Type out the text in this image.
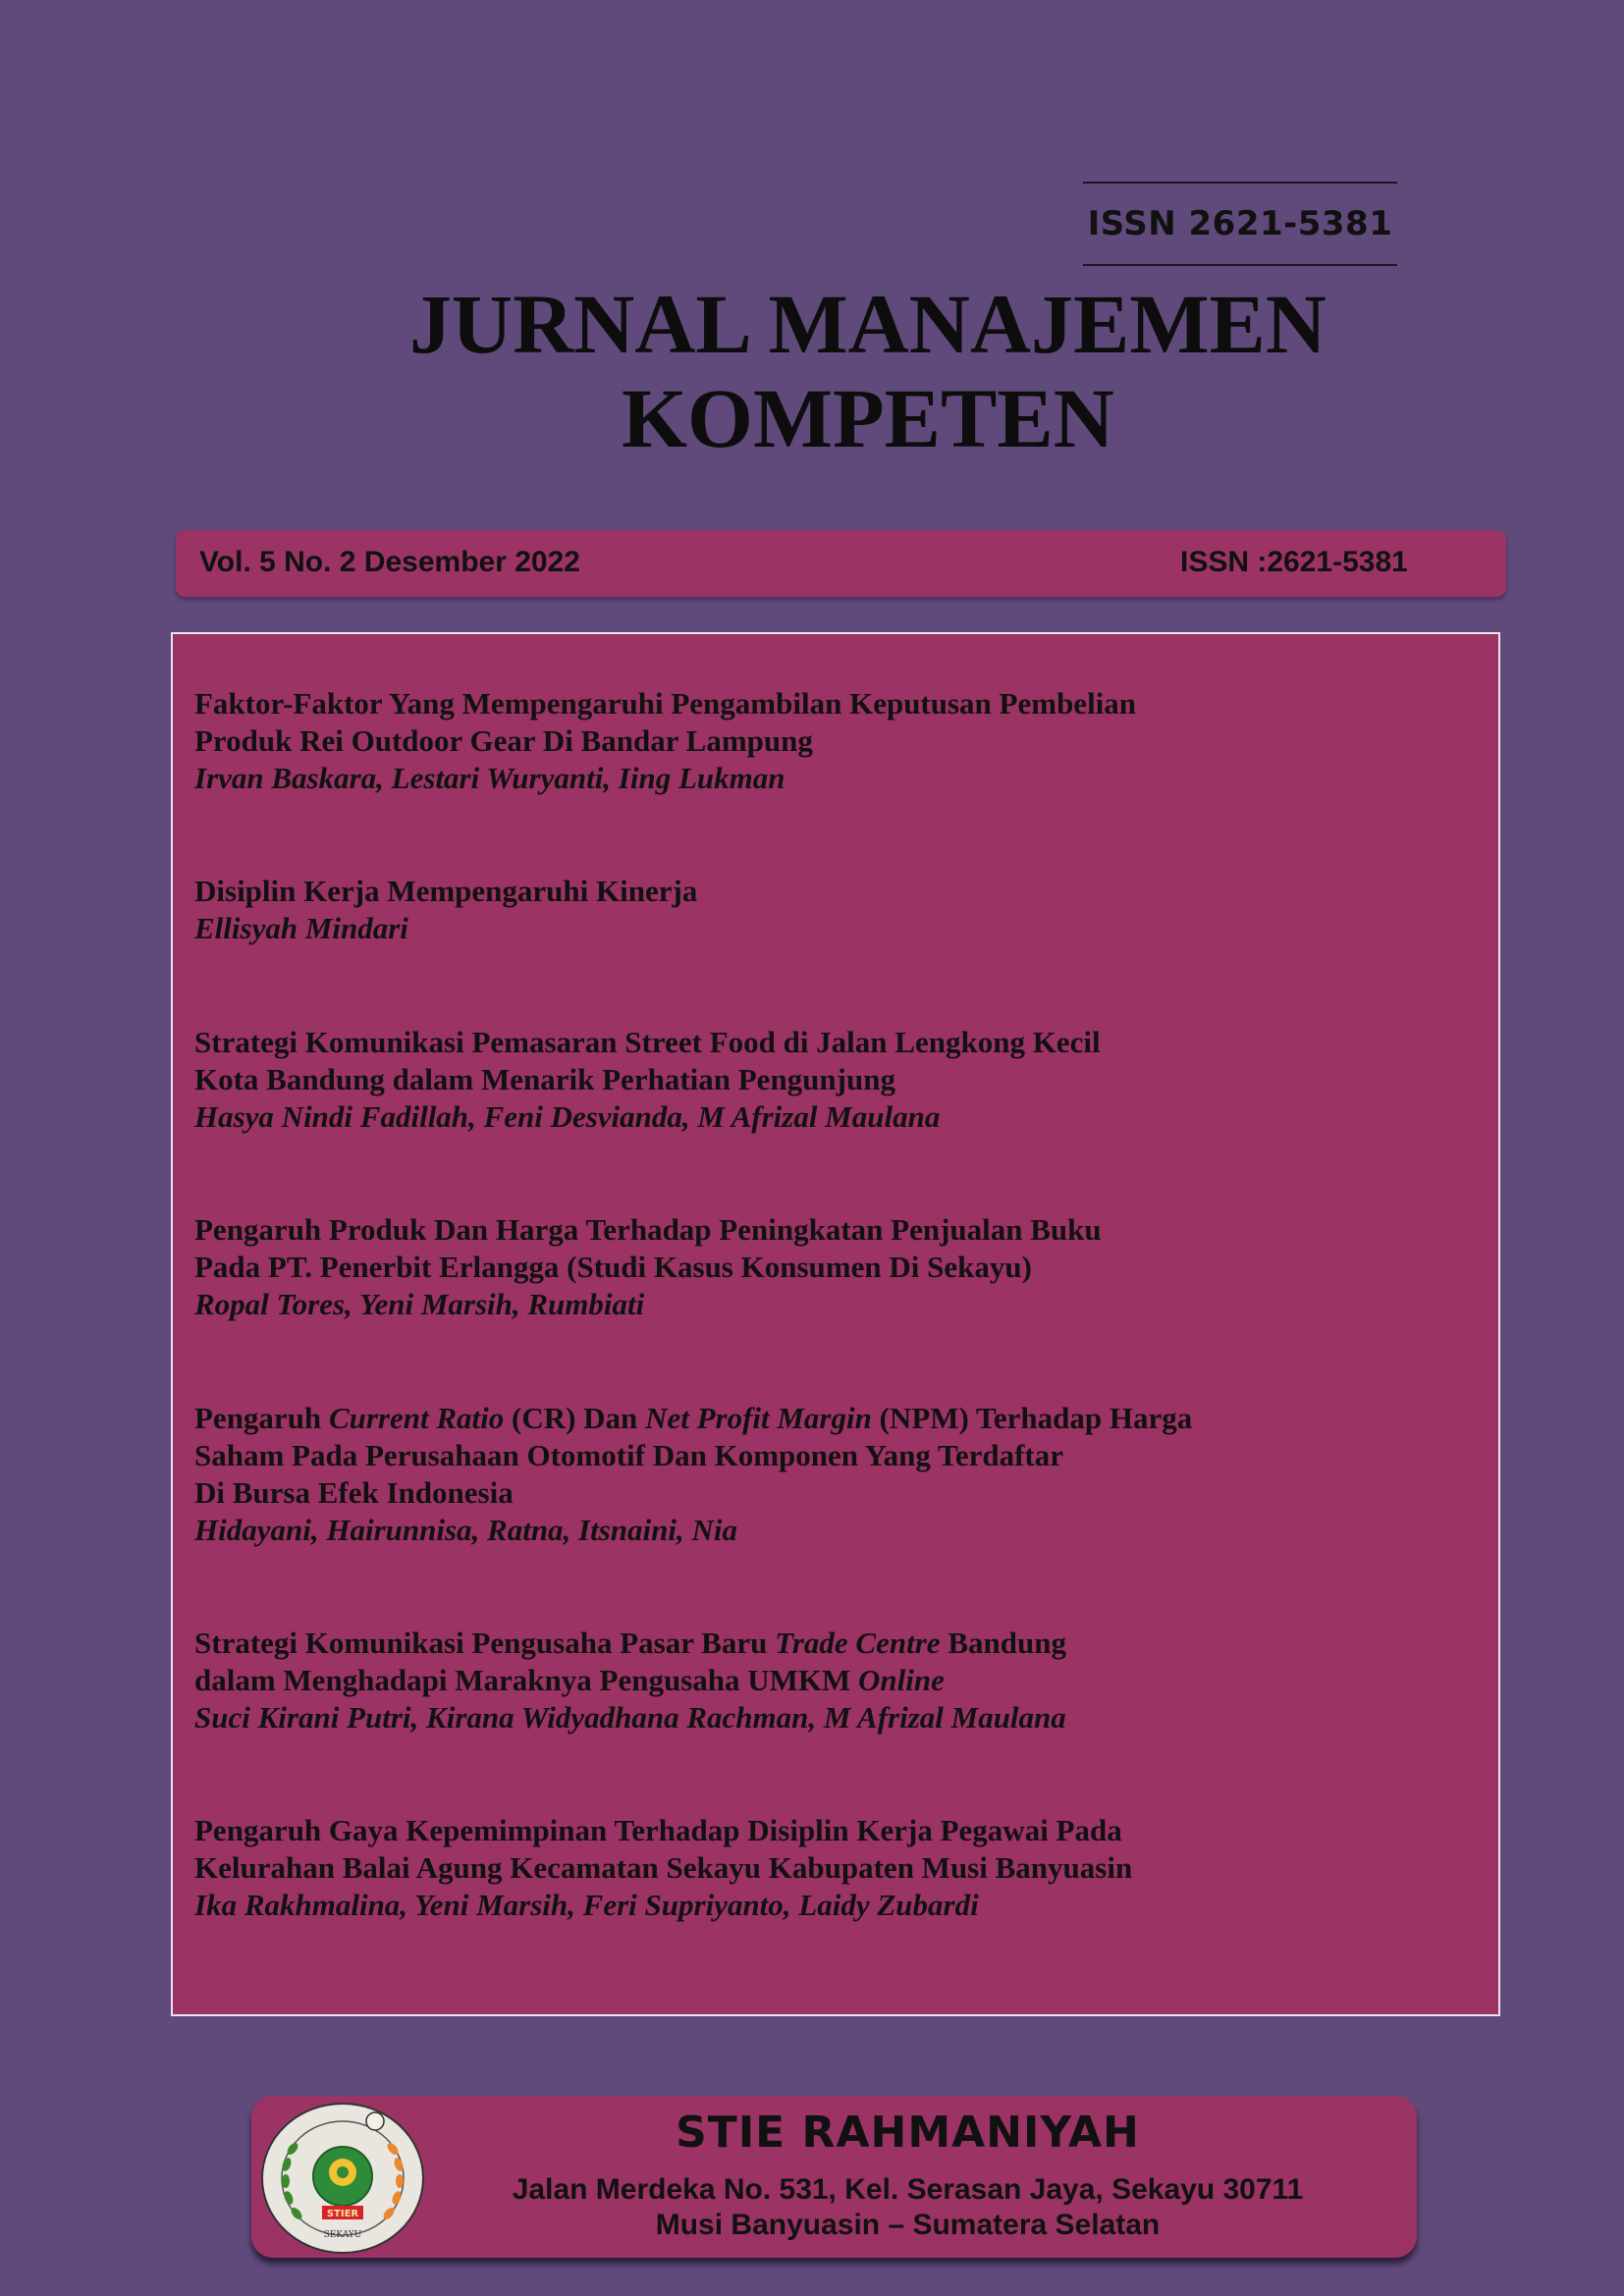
ISSN 2621-5381
JURNAL MANAJEMEN
KOMPETEN
Vol. 5 No. 2 Desember 2022	ISSN :2621-5381
Faktor-Faktor Yang Mempengaruhi Pengambilan Keputusan Pembelian
Produk Rei Outdoor Gear Di Bandar Lampung
Irvan Baskara, Lestari Wuryanti, Iing Lukman
Disiplin Kerja Mempengaruhi Kinerja
Ellisyah Mindari
Strategi Komunikasi Pemasaran Street Food di Jalan Lengkong Kecil
Kota Bandung dalam Menarik Perhatian Pengunjung
Hasya Nindi Fadillah, Feni Desvianda, M Afrizal Maulana
Pengaruh Produk Dan Harga Terhadap Peningkatan Penjualan Buku
Pada PT. Penerbit Erlangga (Studi Kasus Konsumen Di Sekayu)
Ropal Tores, Yeni Marsih, Rumbiati
Pengaruh Current Ratio (CR) Dan Net Profit Margin (NPM) Terhadap Harga
Saham Pada Perusahaan Otomotif Dan Komponen Yang Terdaftar
Di Bursa Efek Indonesia
Hidayani, Hairunnisa, Ratna, Itsnaini, Nia
Strategi Komunikasi Pengusaha Pasar Baru Trade Centre Bandung
dalam Menghadapi Maraknya Pengusaha UMKM Online
Suci Kirani Putri, Kirana Widyadhana Rachman, M Afrizal Maulana
Pengaruh Gaya Kepemimpinan Terhadap Disiplin Kerja Pegawai Pada
Kelurahan Balai Agung Kecamatan Sekayu Kabupaten Musi Banyuasin
Ika Rakhmalina, Yeni Marsih, Feri Supriyanto, Laidy Zubardi
STIER
SEKAYU
STIE RAHMANIYAH
Jalan Merdeka No. 531, Kel. Serasan Jaya, Sekayu 30711
Musi Banyuasin – Sumatera Selatan
